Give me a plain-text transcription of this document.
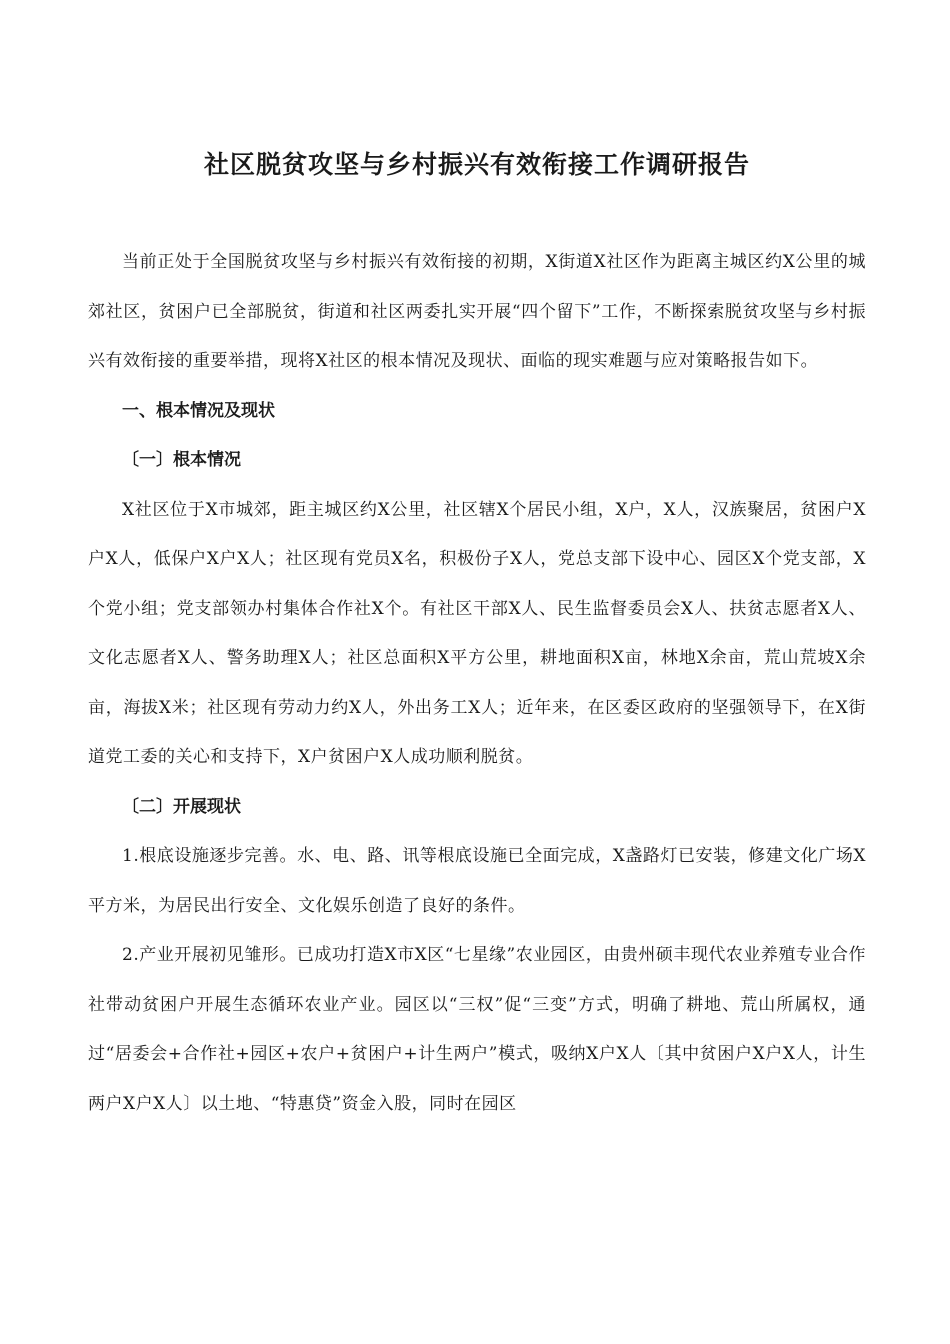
社区脱贫攻坚与乡村振兴有效衔接工作调研报告

当前正处于全国脱贫攻坚与乡村振兴有效衔接的初期，X街道X社区作为距离主城区约X公里的城郊社区，贫困户已全部脱贫，街道和社区两委扎实开展“四个留下”工作，不断探索脱贫攻坚与乡村振兴有效衔接的重要举措，现将X社区的根本情况及现状、面临的现实难题与应对策略报告如下。

一、根本情况及现状

〔一〕根本情况

X社区位于X市城郊，距主城区约X公里，社区辖X个居民小组，X户，X人，汉族聚居，贫困户X户X人，低保户X户X人；社区现有党员X名，积极份子X人，党总支部下设中心、园区X个党支部，X个党小组；党支部领办村集体合作社X个。有社区干部X人、民生监督委员会X人、扶贫志愿者X人、文化志愿者X人、警务助理X人；社区总面积X平方公里，耕地面积X亩，林地X余亩，荒山荒坡X余亩，海拔X米；社区现有劳动力约X人，外出务工X人；近年来，在区委区政府的坚强领导下，在X街道党工委的关心和支持下，X户贫困户X人成功顺利脱贫。

〔二〕开展现状

1.根底设施逐步完善。水、电、路、讯等根底设施已全面完成，X盏路灯已安装，修建文化广场X平方米，为居民出行安全、文化娱乐创造了良好的条件。

2.产业开展初见雏形。已成功打造X市X区“七星缘”农业园区，由贵州硕丰现代农业养殖专业合作社带动贫困户开展生态循环农业产业。园区以“三权”促“三变”方式，明确了耕地、荒山所属权，通过“居委会+合作社+园区+农户+贫困户+计生两户”模式，吸纳X户X人〔其中贫困户X户X人，计生两户X户X人〕以土地、“特惠贷”资金入股，同时在园区
